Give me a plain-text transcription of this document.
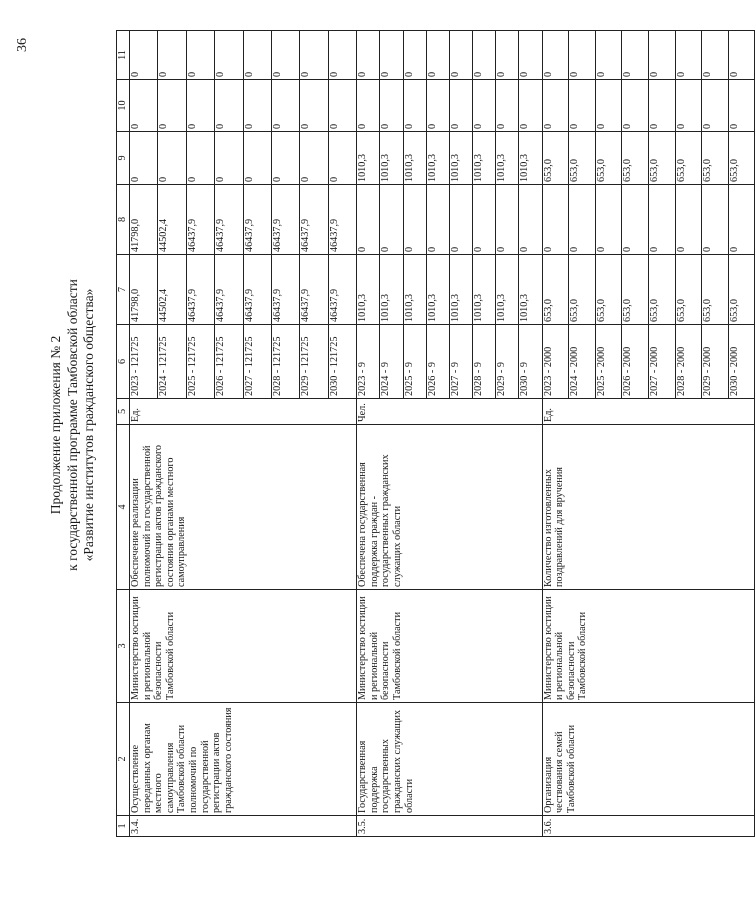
36
Продолжение приложения № 2 к государственной программе Тамбовской области «Развитие институтов гражданского общества»
1	2	3	4	5	6	7	8	9	10	11
3.4.	Осуществление переданных органам местного самоуправления Тамбовской области полномочий по государственной регистрации актов гражданского состояния	Министерство юстиции и региональной безопасности Тамбовской области	Обеспечение реализации полномочий по государственной регистрации актов гражданского состояния органами местного самоуправления	Ед.	2023 - 121725	41798,0	41798,0	0	0	0
					2024 - 121725	44502,4	44502,4	0	0	0
					2025 - 121725	46437,9	46437,9	0	0	0
					2026 - 121725	46437,9	46437,9	0	0	0
					2027 - 121725	46437,9	46437,9	0	0	0
					2028 - 121725	46437,9	46437,9	0	0	0
					2029 - 121725	46437,9	46437,9	0	0	0
					2030 - 121725	46437,9	46437,9	0	0	0
3.5.	Государственная поддержка государственных гражданских служащих области	Министерство юстиции и региональной безопасности Тамбовской области	Обеспечена государственная поддержка граждан - государственных гражданских служащих области	Чел.	2023 - 9	1010,3	0	1010,3	0	0
					2024 - 9	1010,3	0	1010,3	0	0
					2025 - 9	1010,3	0	1010,3	0	0
					2026 - 9	1010,3	0	1010,3	0	0
					2027 - 9	1010,3	0	1010,3	0	0
					2028 - 9	1010,3	0	1010,3	0	0
					2029 - 9	1010,3	0	1010,3	0	0
					2030 - 9	1010,3	0	1010,3	0	0
3.6.	Организация чествования семей Тамбовской области	Министерство юстиции и региональной безопасности Тамбовской области	Количество изготовленных поздравлений для вручения	Ед.	2023 - 2000	653,0	0	653,0	0	0
					2024 - 2000	653,0	0	653,0	0	0
					2025 - 2000	653,0	0	653,0	0	0
					2026 - 2000	653,0	0	653,0	0	0
					2027 - 2000	653,0	0	653,0	0	0
					2028 - 2000	653,0	0	653,0	0	0
					2029 - 2000	653,0	0	653,0	0	0
					2030 - 2000	653,0	0	653,0	0	0
